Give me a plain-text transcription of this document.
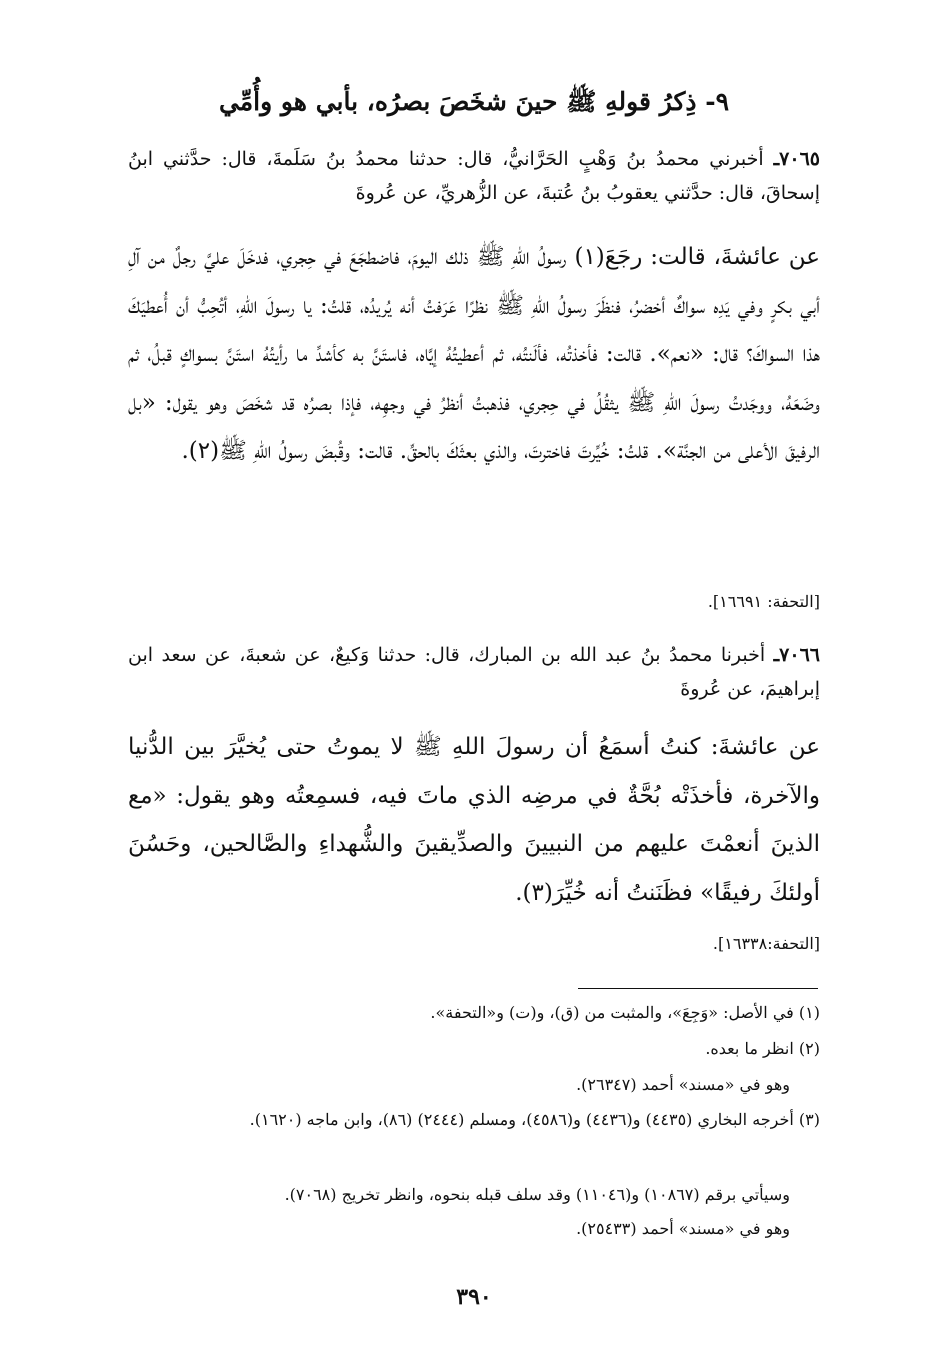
٩- ذِكرُ قولهِ ﷺ حينَ شخَصَ بصرُه، بأبي هو وأُمِّي
٧٠٦٥ـ أخبرني محمدُ بنُ وَهْبٍ الحَرَّانيُّ، قال: حدثنا محمدُ بنُ سَلَمةَ، قال: حدَّثني ابنُ إسحاقَ، قال: حدَّثني يعقوبُ بنُ عُتبةَ، عن الزُّهريِّ، عن عُروةَ
عن عائشةَ، قالت: رجَعَ(١) رسولُ اللهِ ﷺ ذلك اليومَ، فاضطجَعَ في حِجري، فدخَلَ عليَّ رجلٌ من آلِ أبي بكرٍ وفي يَدِه سواكٌ أخضرُ، فنظَرَ رسولُ اللهِ ﷺ نظرًا عَرَفتُ أنه يُريدُه، قلتُ: يا رسولَ اللهِ، أتُحِبُّ أن أُعطيَكَ هذا السواكَ؟ قال: «نعم». قالت: فأخذتُه، فألَنتُه، ثم أعطيتُهُ إيَّاه، فاستَنَّ به كأشدِّ ما رأيتُهُ استَنَّ بسواكٍ قبلُ، ثم وضَعَهُ، ووجَدتُ رسولَ اللهِ ﷺ يثقُلُ في حِجري، فذهبتُ أنظرُ في وجهِه، فإذا بصرُه قد شخَصَ وهو يقول: «بل الرفيقَ الأعلى من الجنَّة». قلتُ: خُيِّرتَ فاخترتَ، والذي بعثَكَ بالحقِّ. قالت: وقُبضَ رسولُ اللهِ ﷺ(٢).
[التحفة: ١٦٦٩١].
٧٠٦٦ـ أخبرنا محمدُ بنُ عبد الله بن المبارك، قال: حدثنا وَكيعٌ، عن شعبةَ، عن سعد ابن إبراهيمَ، عن عُروةَ
عن عائشةَ: كنتُ أسمَعُ أن رسولَ اللهِ ﷺ لا يموتُ حتى يُخيَّرَ بين الدُّنيا والآخرة، فأخذَتْه بُحَّةٌ في مرضِه الذي ماتَ فيه، فسمِعتُه وهو يقول: «مع الذينَ أنعمْتَ عليهم من النبيينَ والصدِّيقينَ والشُّهداءِ والصَّالحين، وحَسُنَ أولئكَ رفيقًا» فظَنَنتُ أنه خُيِّرَ(٣).
[التحفة:١٦٣٣٨].
(١) في الأصل: «وَجِعَ»، والمثبت من (ق)، و(ت) و«التحفة».
(٢) انظر ما بعده.
وهو في «مسند» أحمد (٢٦٣٤٧).
(٣) أخرجه البخاري (٤٤٣٥) و(٤٤٣٦) و(٤٥٨٦)، ومسلم (٢٤٤٤) (٨٦)، وابن ماجه (١٦٢٠).
وسيأتي برقم (١٠٨٦٧) و(١١٠٤٦) وقد سلف قبله بنحوه، وانظر تخريج (٧٠٦٨).
وهو في «مسند» أحمد (٢٥٤٣٣).
٣٩٠
